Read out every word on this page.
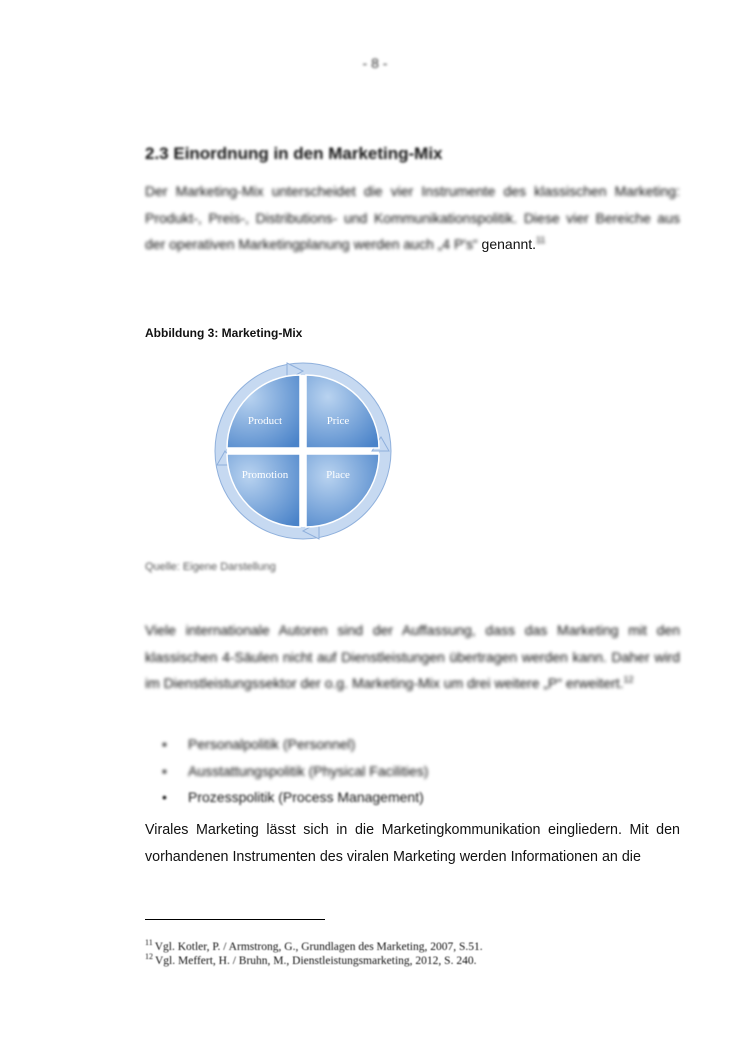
- 8 -
2.3 Einordnung in den Marketing-Mix

Der Marketing-Mix unterscheidet die vier Instrumente des klassischen Marketing: Produkt-, Preis-, Distributions- und Kommunikationspolitik. Diese vier Bereiche aus der operativen Marketingplanung werden auch „4 P's“ genannt.$^{11}$

Abbildung 3: Marketing-Mix
Product	Price
Promotion	Place
Quelle: Eigene Darstellung

Viele internationale Autoren sind der Auffassung, dass das Marketing mit den klassischen 4-Säulen nicht auf Dienstleistungen übertragen werden kann. Daher wird im Dienstleistungssektor der o.g. Marketing-Mix um drei weitere „P“ erweitert.$^{12}$

• Personalpolitik (Personnel)
• Ausstattungspolitik (Physical Facilities)
• Prozesspolitik (Process Management)

Virales Marketing lässt sich in die Marketingkommunikation eingliedern. Mit den vorhandenen Instrumenten des viralen Marketing werden Informationen an die

$^{11}$ Vgl. Kotler, P. / Armstrong, G., Grundlagen des Marketing, 2007, S.51.

$^{12}$ Vgl. Meffert, H. / Bruhn, M., Dienstleistungsmarketing, 2012, S. 240.
